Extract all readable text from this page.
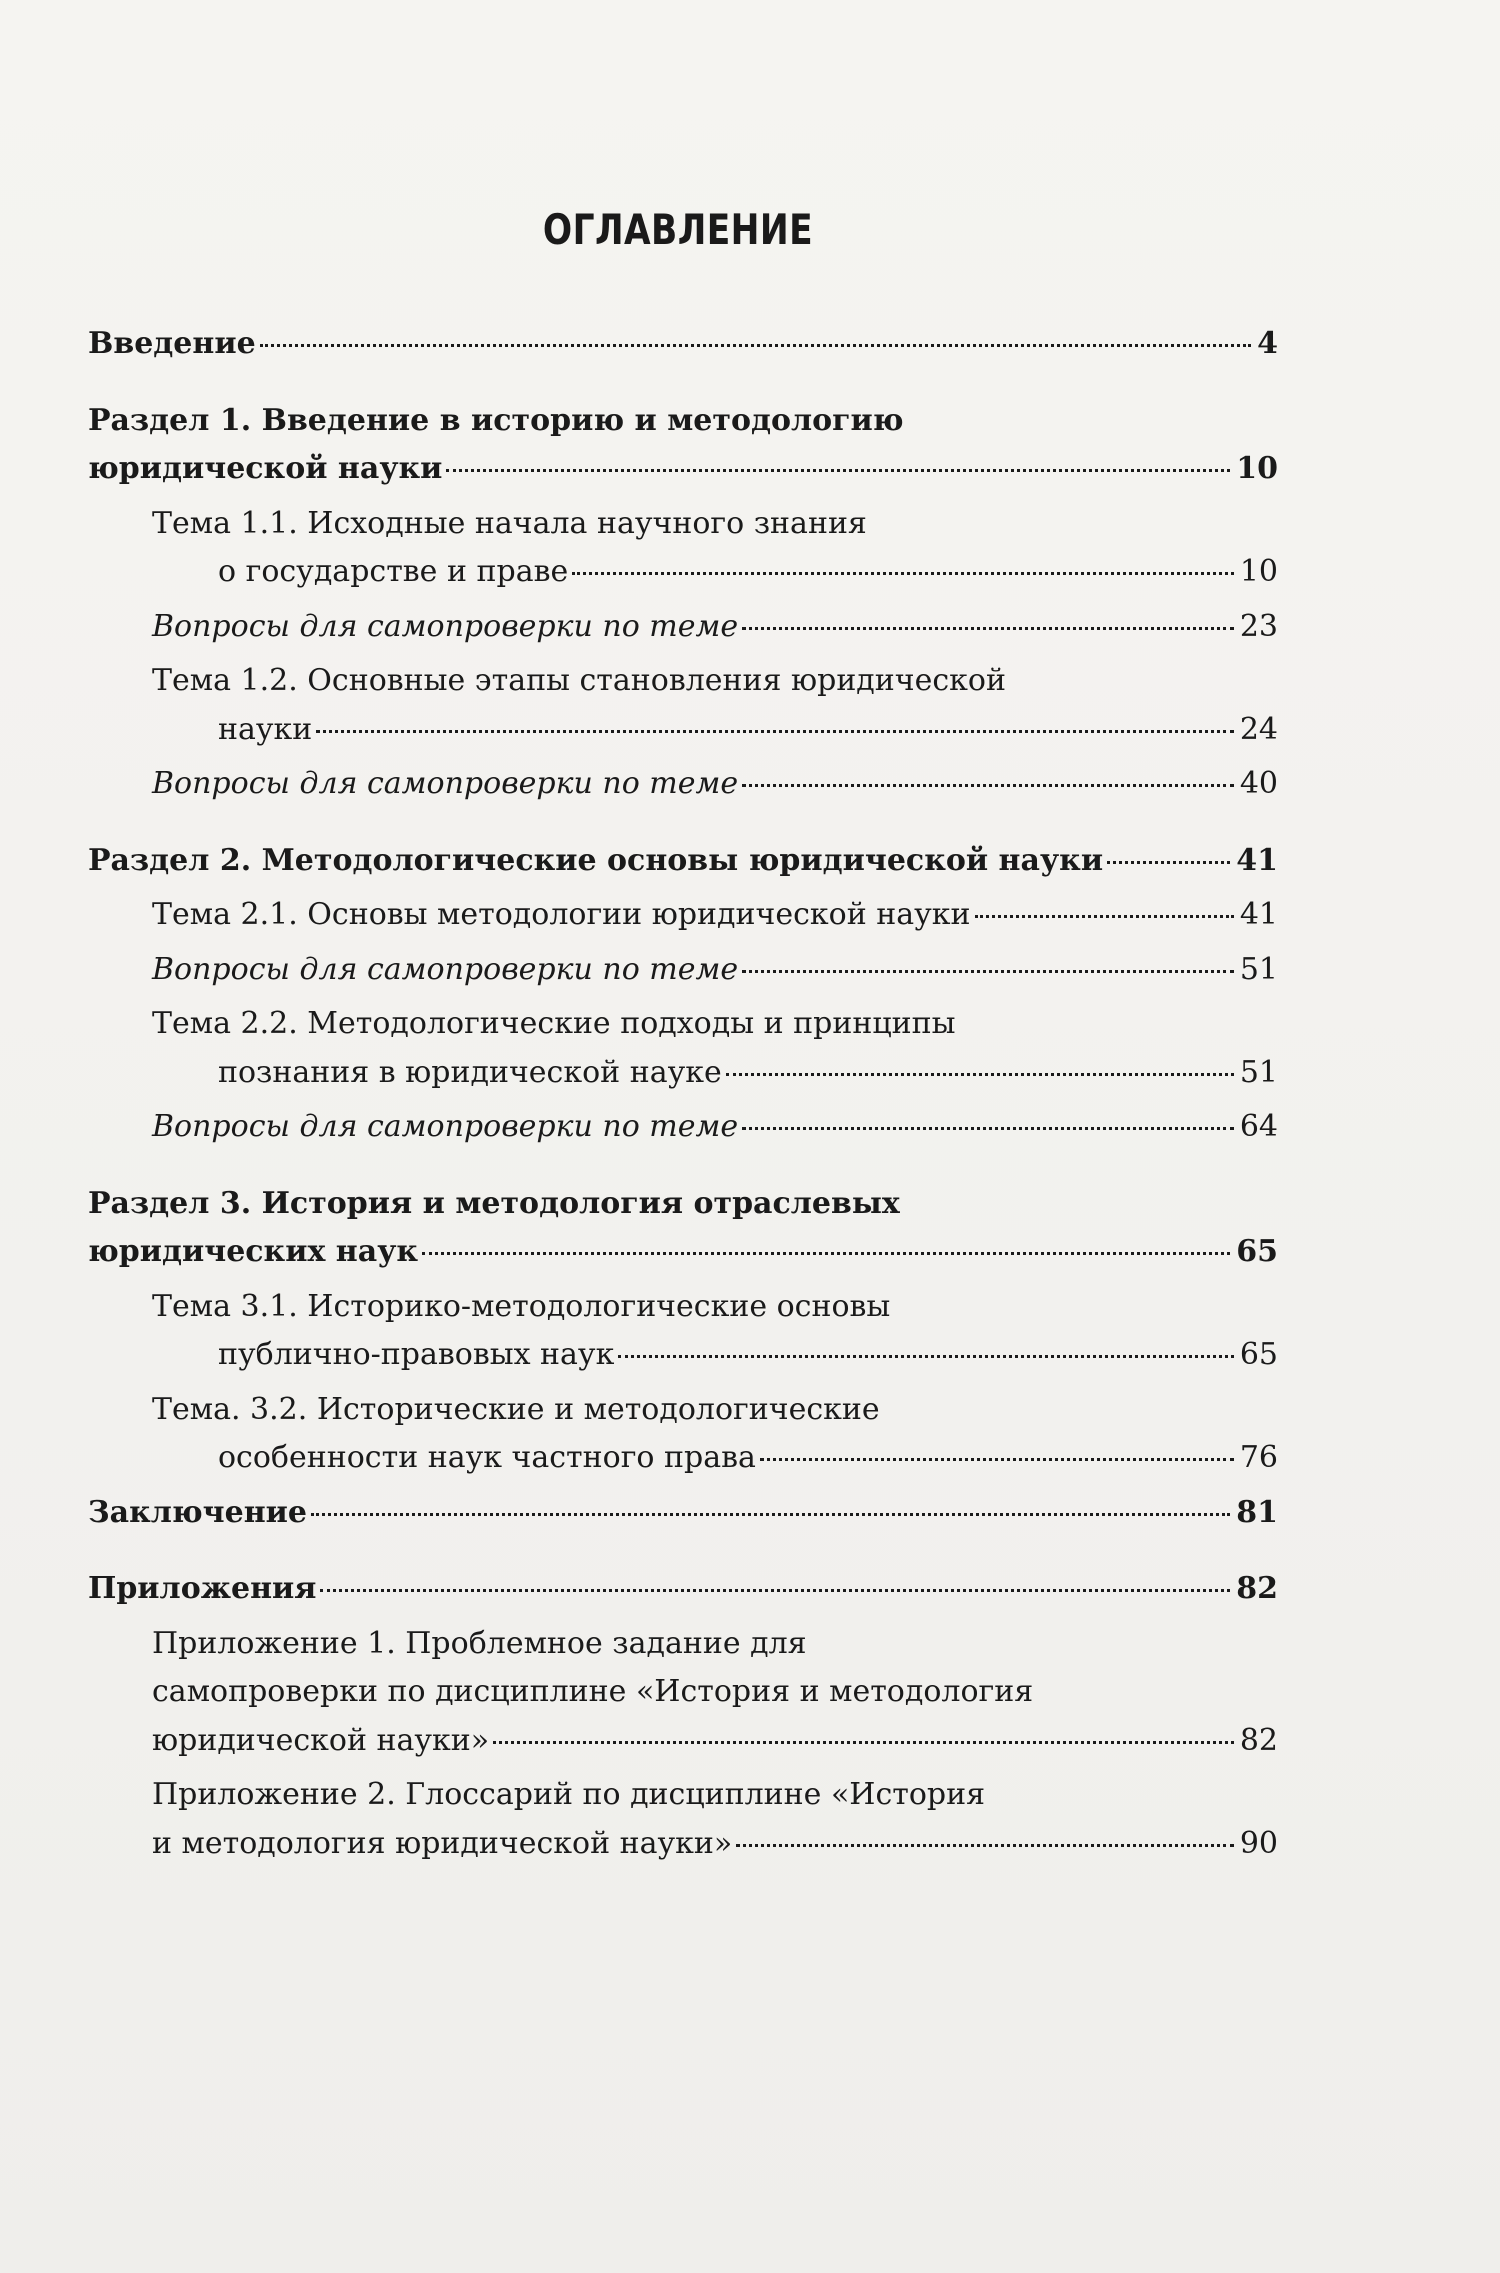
ОГЛАВЛЕНИЕ
Введение	4
Раздел 1. Введение в историю и методологию
юридической науки	10
Тема 1.1. Исходные начала научного знания
о государстве и праве	10
Вопросы для самопроверки по теме	23
Тема 1.2. Основные этапы становления юридической
науки	24
Вопросы для самопроверки по теме	40
Раздел 2. Методологические основы юридической науки	41
Тема 2.1. Основы методологии юридической науки	41
Вопросы для самопроверки по теме	51
Тема 2.2. Методологические подходы и принципы
познания в юридической науке	51
Вопросы для самопроверки по теме	64
Раздел 3. История и методология отраслевых
юридических наук	65
Тема 3.1. Историко-методологические основы
публично-правовых наук	65
Тема. 3.2. Исторические и методологические
особенности наук частного права	76
Заключение	81
Приложения	82
Приложение 1. Проблемное задание для
самопроверки по дисциплине «История и методология
юридической науки»	82
Приложение 2. Глоссарий по дисциплине «История
и методология юридической науки»	90
